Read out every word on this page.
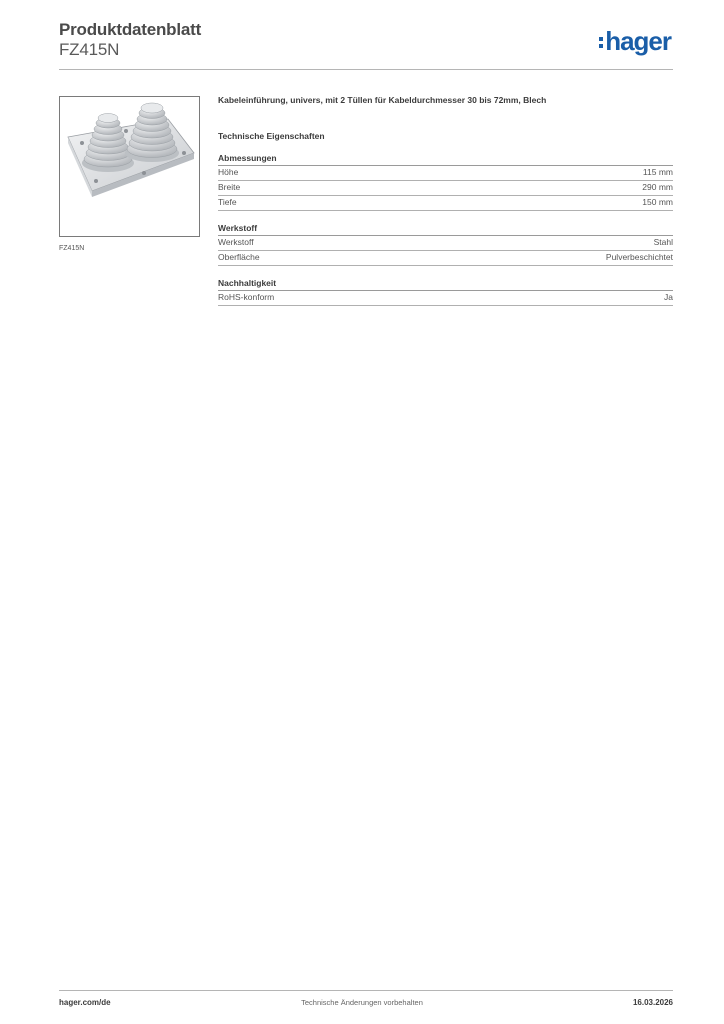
Produktdatenblatt
FZ415N	hager
FZ415N

Kabeleinführung, univers, mit 2 Tüllen für Kabeldurchmesser 30 bis 72mm, Blech

Technische Eigenschaften
Abmessungen
Höhe	115 mm
Breite	290 mm
Tiefe	150 mm
Werkstoff
Werkstoff	Stahl
Oberfläche	Pulverbeschichtet
Nachhaltigkeit
RoHS-konform	Ja
hager.com/de	Technische Änderungen vorbehalten	16.03.2026
